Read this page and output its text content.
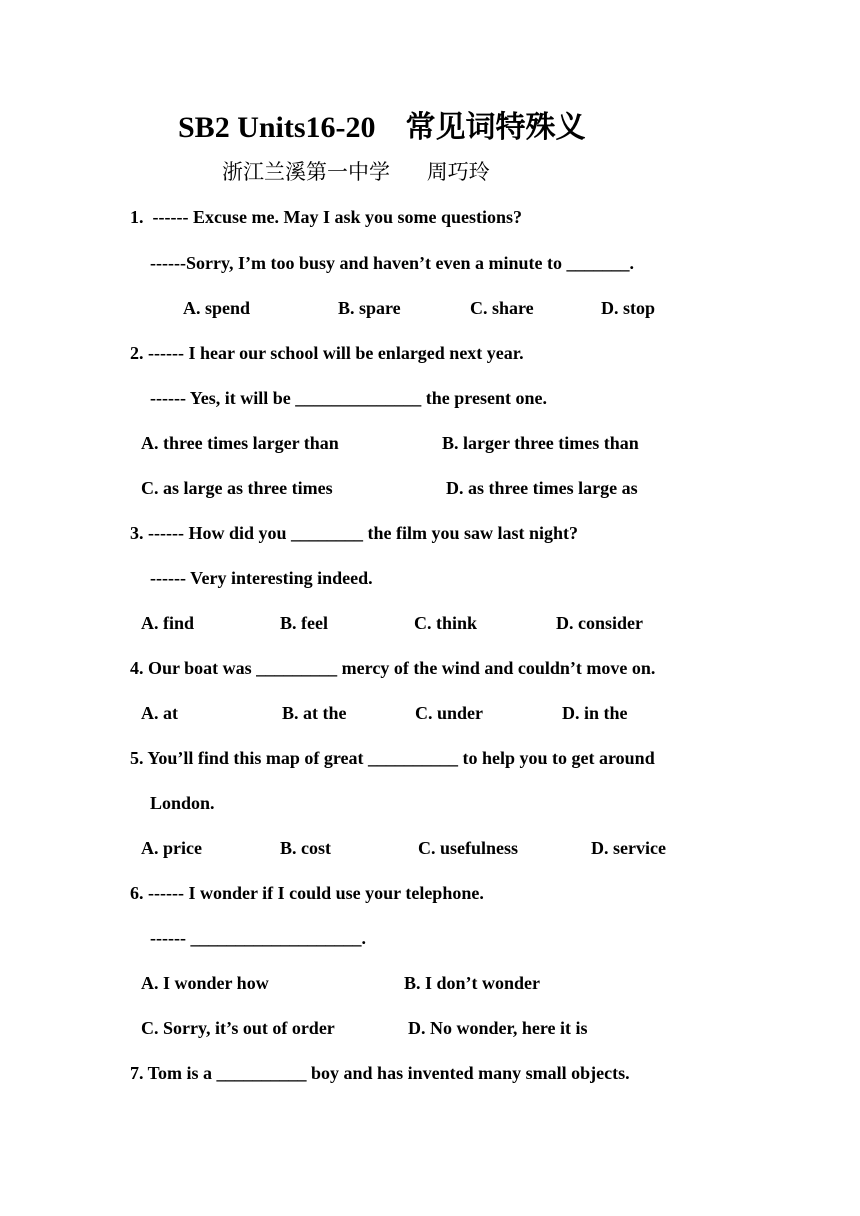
SB2 Units16-20    常见词特殊义
浙江兰溪第一中学       周巧玲
1.  ------ Excuse me. May I ask you some questions?
------Sorry, I’m too busy and haven’t even a minute to _______.
A. spend	B. spare	C. share	D. stop
2. ------ I hear our school will be enlarged next year.
------ Yes, it will be ______________ the present one.
A. three times larger than	B. larger three times than
C. as large as three times	D. as three times large as
3. ------ How did you ________ the film you saw last night?
------ Very interesting indeed.
A. find	B. feel	C. think	D. consider
4. Our boat was _________ mercy of the wind and couldn’t move on.
A. at	B. at the	C. under	D. in the
5. You’ll find this map of great __________ to help you to get around
London.
A. price	B. cost	C. usefulness	D. service
6. ------ I wonder if I could use your telephone.
------ ___________________.
A. I wonder how	B. I don’t wonder
C. Sorry, it’s out of order	D. No wonder, here it is
7. Tom is a __________ boy and has invented many small objects.
